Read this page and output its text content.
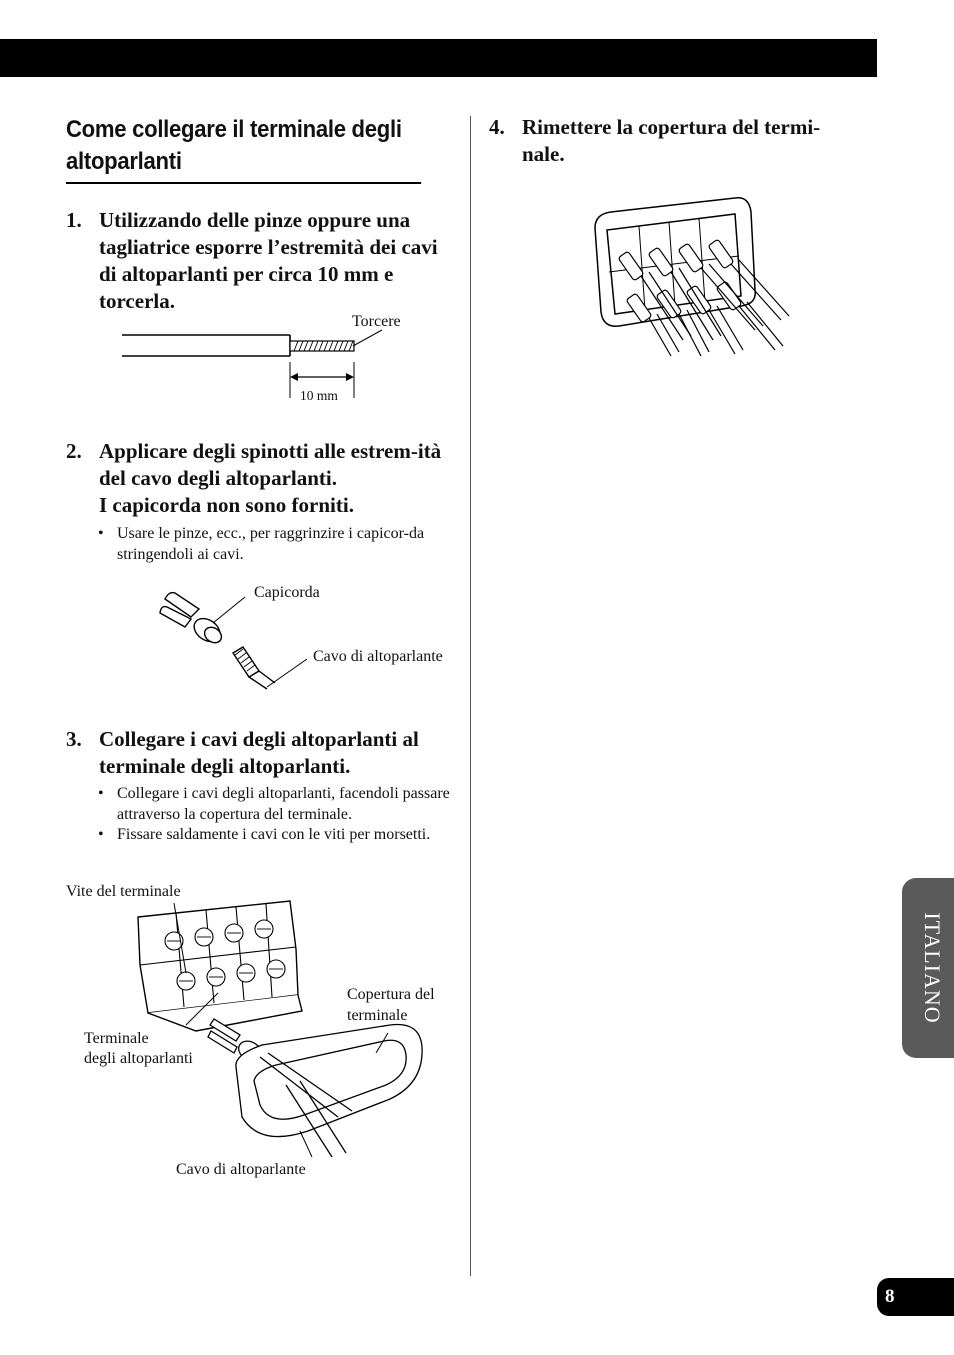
Come collegare il terminale degli altoparlanti
1. Utilizzando delle pinze oppure una tagliatrice esporre l’estremità dei cavi di altoparlanti per circa 10 mm e torcerla.
Torcere
10 mm
2. Applicare degli spinotti alle estrem-ità del cavo degli altoparlanti.
I capicorda non sono forniti.
• Usare le pinze, ecc., per raggrinzire i capicor-da stringendoli ai cavi.
Capicorda
Cavo di altoparlante
3. Collegare i cavi degli altoparlanti al terminale degli altoparlanti.
• Collegare i cavi degli altoparlanti, facendoli passare attraverso la copertura del terminale.
• Fissare saldamente i cavi con le viti per morsetti.
Vite del terminale
Copertura del
terminale
Terminale
degli altoparlanti
Cavo di altoparlante
4. Rimettere la copertura del termi-nale.
ITALIANO
8
